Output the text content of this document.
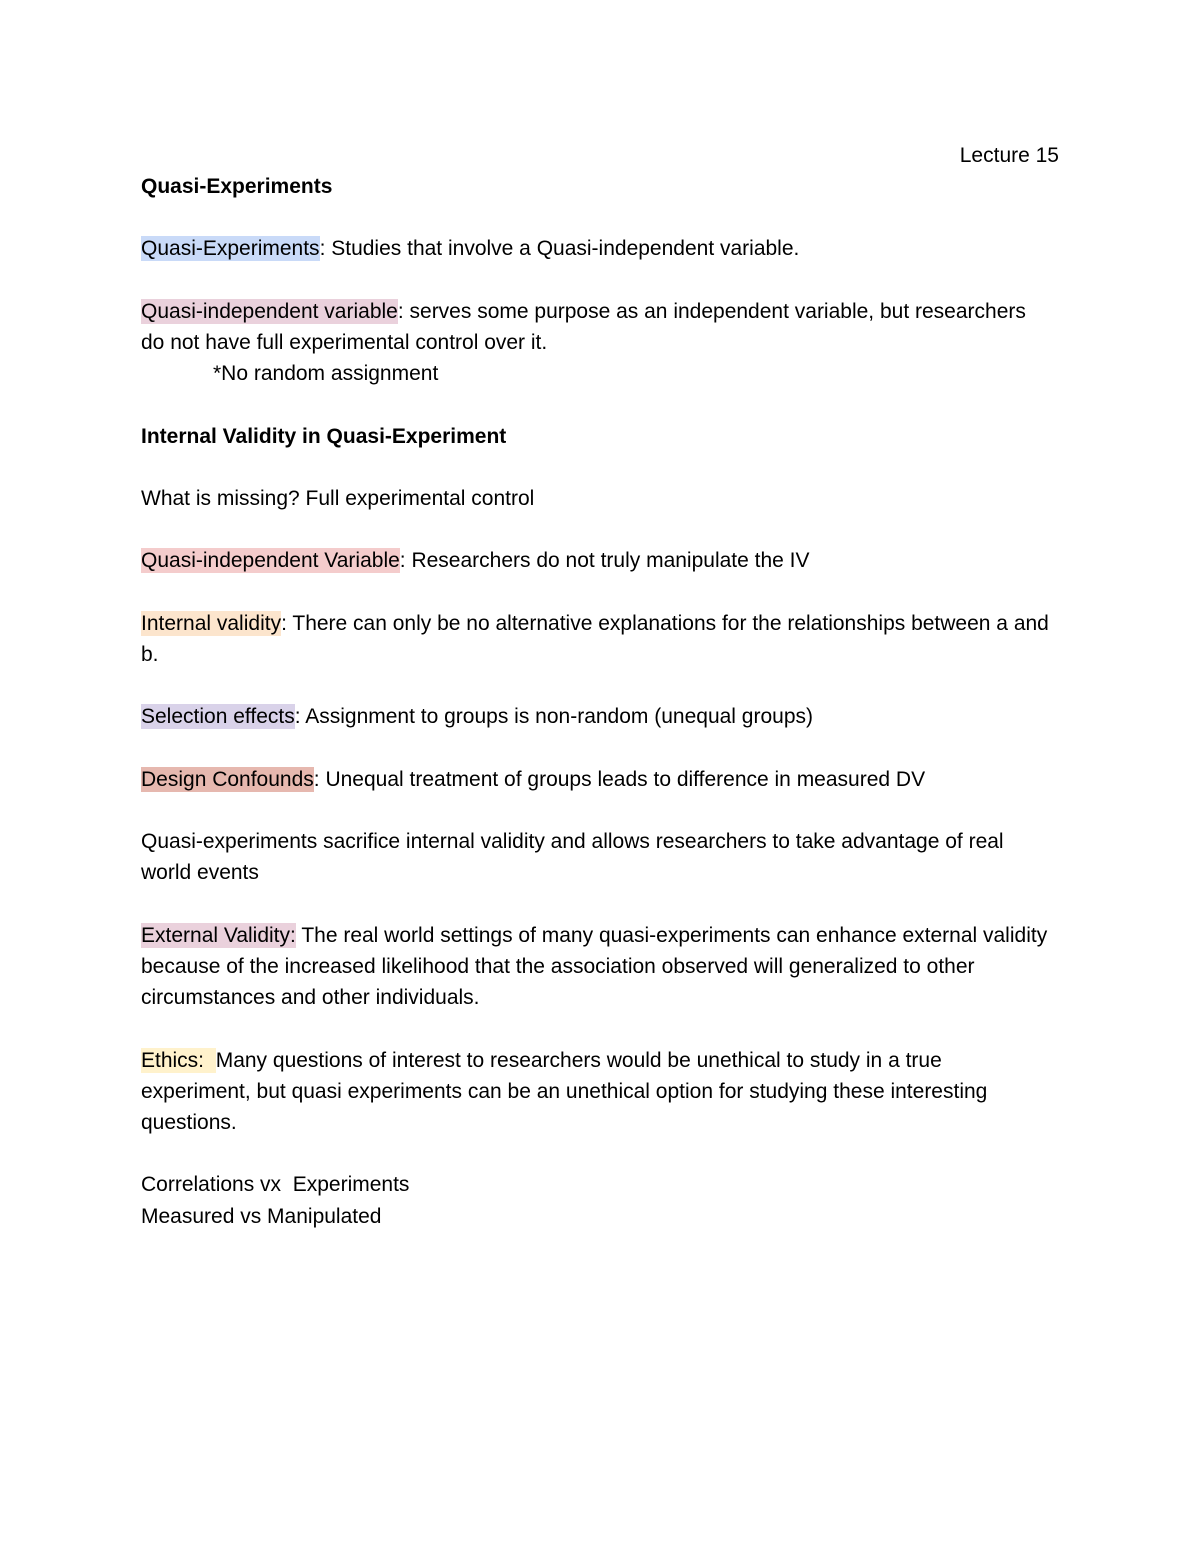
Lecture 15

Quasi-Experiments

Quasi-Experiments: Studies that involve a Quasi-independent variable.

Quasi-independent variable: serves some purpose as an independent variable, but researchers do not have full experimental control over it.

*No random assignment

Internal Validity in Quasi-Experiment

What is missing? Full experimental control

Quasi-independent Variable: Researchers do not truly manipulate the IV

Internal validity: There can only be no alternative explanations for the relationships between a and b.

Selection effects: Assignment to groups is non-random (unequal groups)

Design Confounds: Unequal treatment of groups leads to difference in measured DV

Quasi-experiments sacrifice internal validity and allows researchers to take advantage of real world events

External Validity: The real world settings of many quasi-experiments can enhance external validity because of the increased likelihood that the association observed will generalized to other circumstances and other individuals.

Ethics:  Many questions of interest to researchers would be unethical to study in a true experiment, but quasi experiments can be an unethical option for studying these interesting questions.

Correlations vx  Experiments

Measured vs Manipulated
